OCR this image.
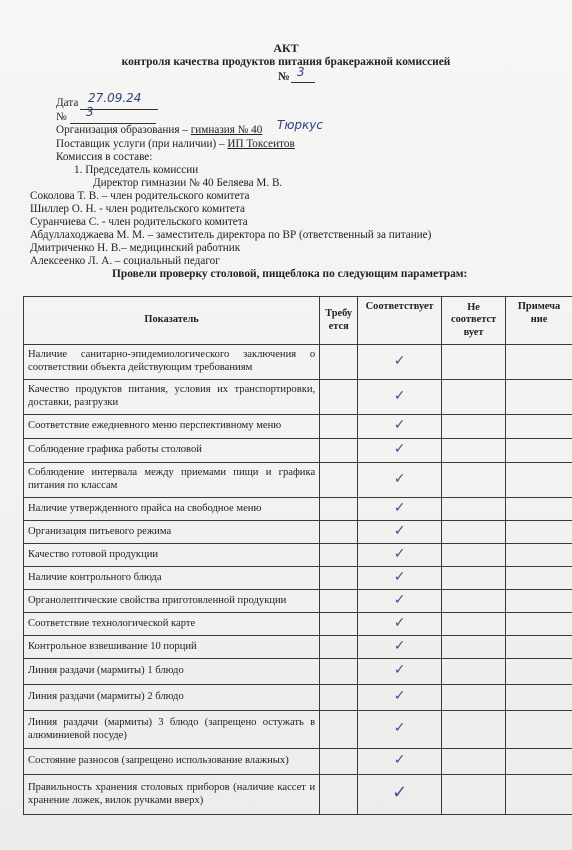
АКТ
контроля качества продуктов питания бракеражной комиссией
№ 3
Дата 27.09.24
№ 3
Организация образования – гимназия № 40 Тюркус
Поставщик услуги (при наличии) – ИП Токсеитов
Комиссия в составе:
1. Председатель комиссии
Директор гимназии № 40 Беляева М. В.
Соколова Т. В. – член родительского комитета
Шиллер О. Н. - член родительского комитета
Суранчиева С. - член родительского комитета
Абдуллаходжаева М. М. – заместитель директора по ВР (ответственный за питание)
Дмитриченко Н. В.– медицинский работник
Алексеенко Л. А. – социальный педагог
Провели проверку столовой, пищеблока по следующим параметрам:
Показатель	Требу ется	Соответствует	Не соответст вует	Примеча ние
Наличие санитарно-эпидемиологического заключения о соответствии объекта действующим требованиям		✓		
Качество продуктов питания, условия их транспортировки, доставки, разгрузки		✓		
Соответствие ежедневного меню перспективному меню		✓		
Соблюдение графика работы столовой		✓		
Соблюдение интервала между приемами пищи и графика питания по классам		✓		
Наличие утвержденного прайса на свободное меню		✓		
Организация питьевого режима		✓		
Качество готовой продукции		✓		
Наличие контрольного блюда		✓		
Органолептические свойства приготовленной продукции		✓		
Соответствие технологической карте		✓		
Контрольное взвешивание 10 порций		✓		
Линия раздачи (мармиты) 1 блюдо		✓		
Линия раздачи (мармиты) 2 блюдо		✓		
Линия раздачи (мармиты) 3 блюдо (запрещено остужать в алюминиевой посуде)		✓		
Состояние разносов (запрещено использование влажных)		✓		
Правильность хранения столовых приборов (наличие кассет и хранение ложек, вилок ручками вверх)		✓		
